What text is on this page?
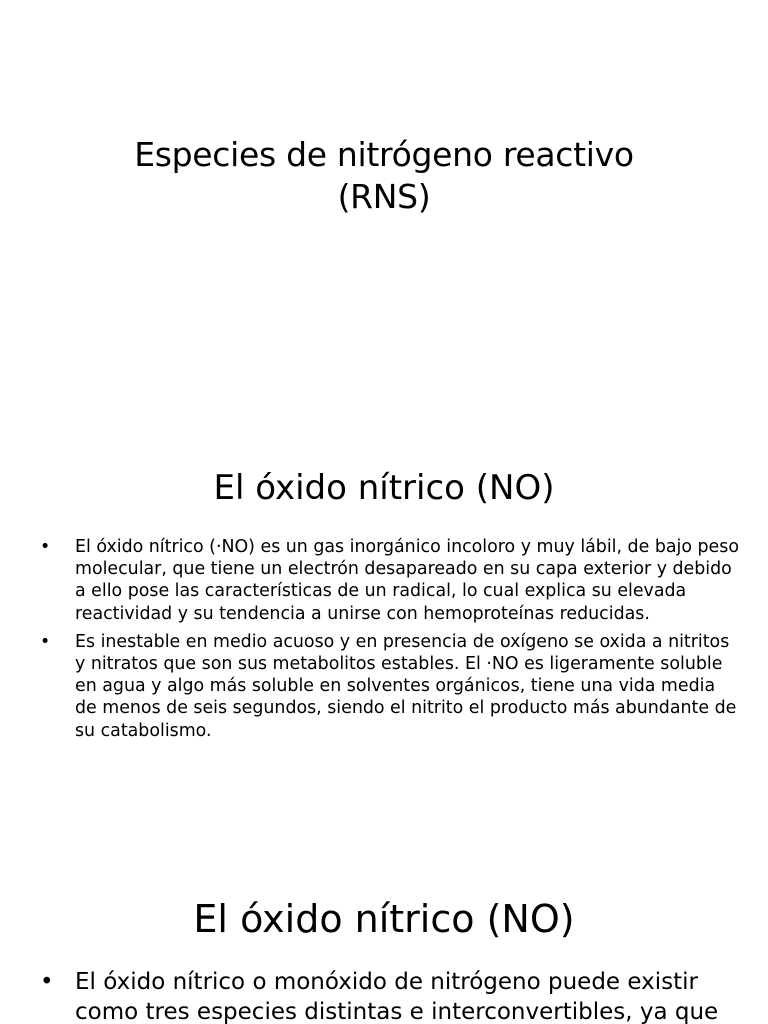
Especies de nitrógeno reactivo
(RNS)
El óxido nítrico (NO)
• El óxido nítrico (·NO) es un gas inorgánico incoloro y muy lábil, de bajo peso molecular, que tiene un electrón desapareado en su capa exterior y debido a ello pose las características de un radical, lo cual explica su elevada reactividad y su tendencia a unirse con hemoproteínas reducidas.
• Es inestable en medio acuoso y en presencia de oxígeno se oxida a nitritos y nitratos que son sus metabolitos estables. El ·NO es ligeramente soluble en agua y algo más soluble en solventes orgánicos, tiene una vida media de menos de seis segundos, siendo el nitrito el producto más abundante de su catabolismo.
El óxido nítrico (NO)
• El óxido nítrico o monóxido de nitrógeno puede existir como tres especies distintas e interconvertibles, ya que
